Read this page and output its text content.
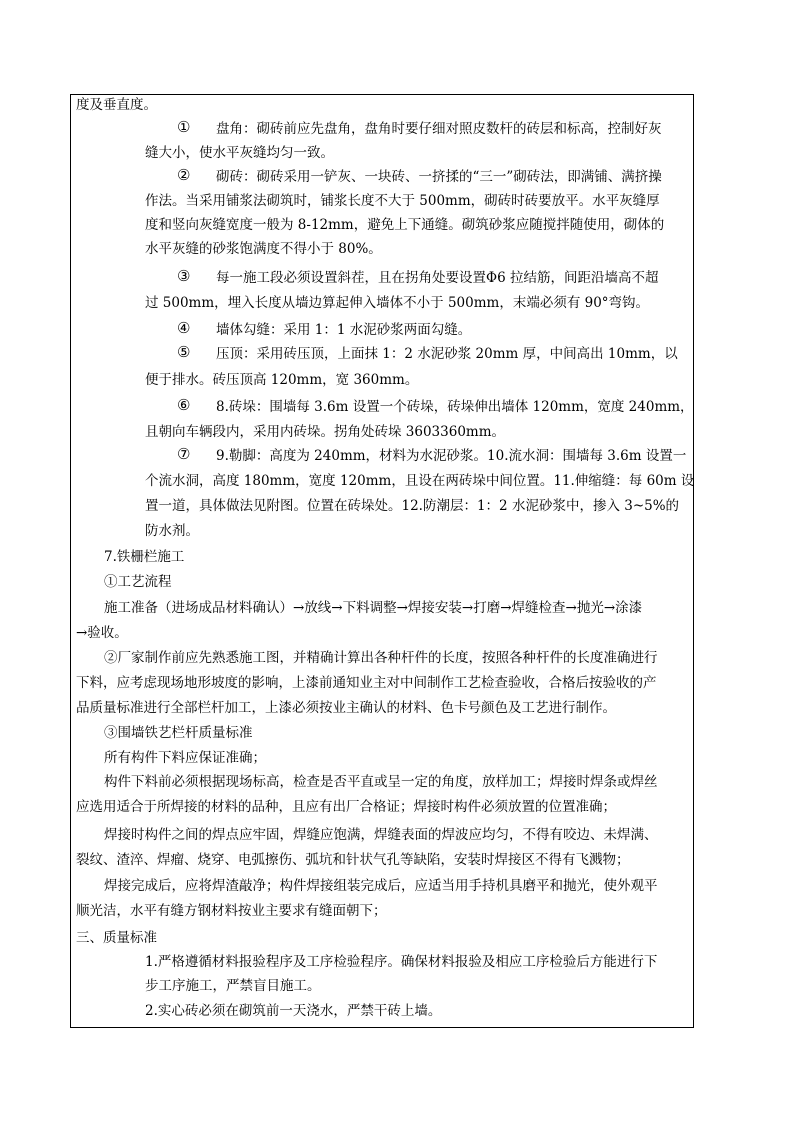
度及垂直度。
① 盘角：砌砖前应先盘角，盘角时要仔细对照皮数杆的砖层和标高，控制好灰
缝大小，使水平灰缝均匀一致。
② 砌砖：砌砖采用一铲灰、一块砖、一挤揉的“三一”砌砖法，即满铺、满挤操
作法。当采用铺浆法砌筑时，铺浆长度不大于 500mm，砌砖时砖要放平。水平灰缝厚
度和竖向灰缝宽度一般为 8-12mm，避免上下通缝。砌筑砂浆应随搅拌随使用，砌体的
水平灰缝的砂浆饱满度不得小于 80%。
③ 每一施工段必须设置斜茬，且在拐角处要设置Φ6 拉结筋，间距沿墙高不超
过 500mm，埋入长度从墙边算起伸入墙体不小于 500mm，末端必须有 90°弯钩。
④ 墙体勾缝：采用 1：1 水泥砂浆两面勾缝。
⑤ 压顶：采用砖压顶，上面抹 1：2 水泥砂浆 20mm 厚，中间高出 10mm，以
便于排水。砖压顶高 120mm，宽 360mm。
⑥ 8.砖垛：围墙每 3.6m 设置一个砖垛，砖垛伸出墙体 120mm，宽度 240mm，
且朝向车辆段内，采用内砖垛。拐角处砖垛 3603360mm。
⑦ 9.勒脚：高度为 240mm，材料为水泥砂浆。10.流水洞：围墙每 3.6m 设置一
个流水洞，高度 180mm，宽度 120mm，且设在两砖垛中间位置。11.伸缩缝：每 60m 设
置一道，具体做法见附图。位置在砖垛处。12.防潮层：1：2 水泥砂浆中，掺入 3~5%的
防水剂。
7.铁栅栏施工
①工艺流程
施工准备（进场成品材料确认）→放线→下料调整→焊接安装→打磨→焊缝检查→抛光→涂漆
→验收。
②厂家制作前应先熟悉施工图，并精确计算出各种杆件的长度，按照各种杆件的长度准确进行
下料，应考虑现场地形坡度的影响，上漆前通知业主对中间制作工艺检查验收，合格后按验收的产
品质量标准进行全部栏杆加工，上漆必须按业主确认的材料、色卡号颜色及工艺进行制作。
③围墙铁艺栏杆质量标准
所有构件下料应保证准确；
构件下料前必须根据现场标高，检查是否平直或呈一定的角度，放样加工；焊接时焊条或焊丝
应选用适合于所焊接的材料的品种，且应有出厂合格证；焊接时构件必须放置的位置准确；
焊接时构件之间的焊点应牢固，焊缝应饱满，焊缝表面的焊波应均匀，不得有咬边、未焊满、
裂纹、渣淬、焊瘤、烧穿、电弧擦伤、弧坑和针状气孔等缺陷，安装时焊接区不得有飞溅物；
焊接完成后，应将焊渣敲净；构件焊接组装完成后，应适当用手持机具磨平和抛光，使外观平
顺光洁，水平有缝方钢材料按业主要求有缝面朝下；
三、质量标准
1.严格遵循材料报验程序及工序检验程序。确保材料报验及相应工序检验后方能进行下
步工序施工，严禁盲目施工。
2.实心砖必须在砌筑前一天浇水，严禁干砖上墙。
